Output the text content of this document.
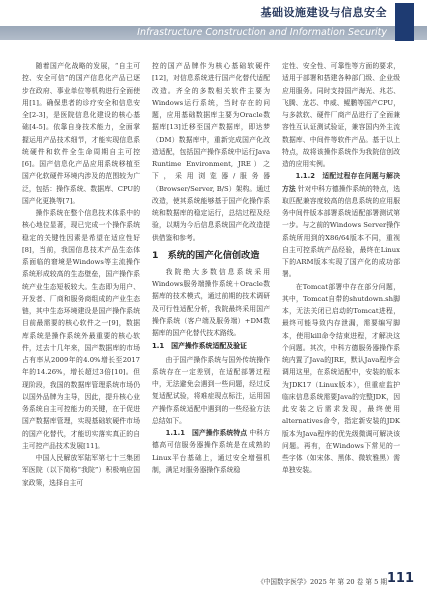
基础设施建设与信息安全
Infrastructure Construction and Information Security

随着国产化战略的发展，“自主可控、安全可信”的国产信息化产品已逐步在政府、事业单位等机构进行全面使用[1]。确保患者的诊疗安全和信息安全[2-3]，是医院信息化建设的核心基础[4-5]。依靠自身技术能力，全面掌握运用产品技术细节，才能实现信息系统硬件和软件全生命周期自主可控[6]。国产信息化产品应用系统移植至国产化软硬件环境内涉及的范围较为广泛，包括：操作系统、数据库、CPU的国产化更换等[7]。

操作系统在整个信息技术体系中的核心地位显著，现已完成一个操作系统稳定的关键性因素是希望在适应性好[8]，当前，我国信息技术产品生态体系面临的窘境是Windows等主流操作系统形成较高的生态壁垒，国产操作系统产业生态短板较大。生态即为用户、开发者、厂商和服务商组成的产业生态链，其中生态环境建设是国产操作系统目前最需要的核心软件之一[9]，数据库系统是操作系统外最重要的核心软件，过去十几年来，国产数据库的市场占有率从2009年的4.0%增长至2017年的14.26%，增长超过3倍[10]。但现阶段，我国的数据库管理系统市场仍以国外品牌为主导，因此，提升核心业务系统自主可控能力的关键，在于促进国产数据库管理，实现基础软硬件市场的国产化替代，才能切实落实真正的自主可控产品技术发展[11]。

中国人民解放军陆军第七十三集团军医院（以下简称“我院”）积极响应国家政策，选择自主可

控的国产品牌作为核心基础软硬件[12]，对信息系统进行国产化替代适配改造。齐全的多数相关软件主要为Windows运行系统，当时存在的问题，应用基础数据库主要为Oracle数据库[13]迁移至国产数据库，即达梦（DM）数据库中，重新完成国产化改造适配，包括国产操作系统中运行Java Runtime Environment, JRE）之下，采用浏览器/服务器（Browser/Server, B/S）架构。通过改造，使其系统能够基于国产化操作系统和数据库的稳定运行，总结过程及经验，以期为今后信息系统国产化改造提供借鉴和参考。

1　系统的国产化信创改造

我院绝大多数信息系统采用Windows服务端操作系统＋Oracle数据库的技术模式，通过前期的技术调研及可行性适配分析，我院最终采用国产操作系统（客户端及服务端）+DM数据库的国产化替代技术路线。

1.1　国产操作系统适配及验证

由于国产操作系统与国外传统操作系统存在一定差别，在适配部署过程中，无法避免会遇到一些问题，经过反复适配试验，将难症现点标注，运用国产操作系统适配中遇到的一些经验方法总结如下。

1.1.1　国产操作系统特点 中科方德高可信服务器操作系统是在成熟的Linux平台基础上，通过安全增强机制，满足对服务器操作系统稳

定性、安全性、可靠性等方面的要求，适用于部署和搭建各种部门级、企业级应用服务。同时支持国产海光、兆芯、飞腾、龙芯、申威、鲲鹏等国产CPU，与多款软、硬件厂商产品进行了全面兼容性互认证测试验证，兼容国内外主流数据库、中间件等软件产品。基于以上特点，故将该操作系统作为我院信创改造的应用实例。

1.1.2　适配过程存在问题与解决方法 针对中科方德操作系统的特点，选取匹配兼容度较高的信息系统的应用服务中间件版本部署系统适配部署测试第一步。与之前的Windows Server操作系统所用到的X86/64版本不同，重视自主可控系统产品经验，最终在Linux下的ARM版本实现了国产化的成功部署。

在Tomcat部署中存在部分问题，其中，Tomcat自带的shutdown.sh脚本，无法关闭已启动的Tomcat进程，最终可能导致内存泄漏，需要编写脚本，使用kill命令结束进程，才解决这个问题。其次，中科方德服务器操作系统内置了Java的JRE，默认Java程序会调用这里，在系统适配中，安装的版本为JDK17（Linux版本），但重症监护临床信息系统需要Java的完整JDK，因此安装之后需求发现，最终使用alternatives命令，指定新安装的JDK版本为Java程序的优先级微调可解决该问题。再有，在Windows下常见的一些字体（如宋体、黑体、微软雅黑）需单独安装。

《中国数字医学》2025 年 第 20 卷 第 5 期 111
